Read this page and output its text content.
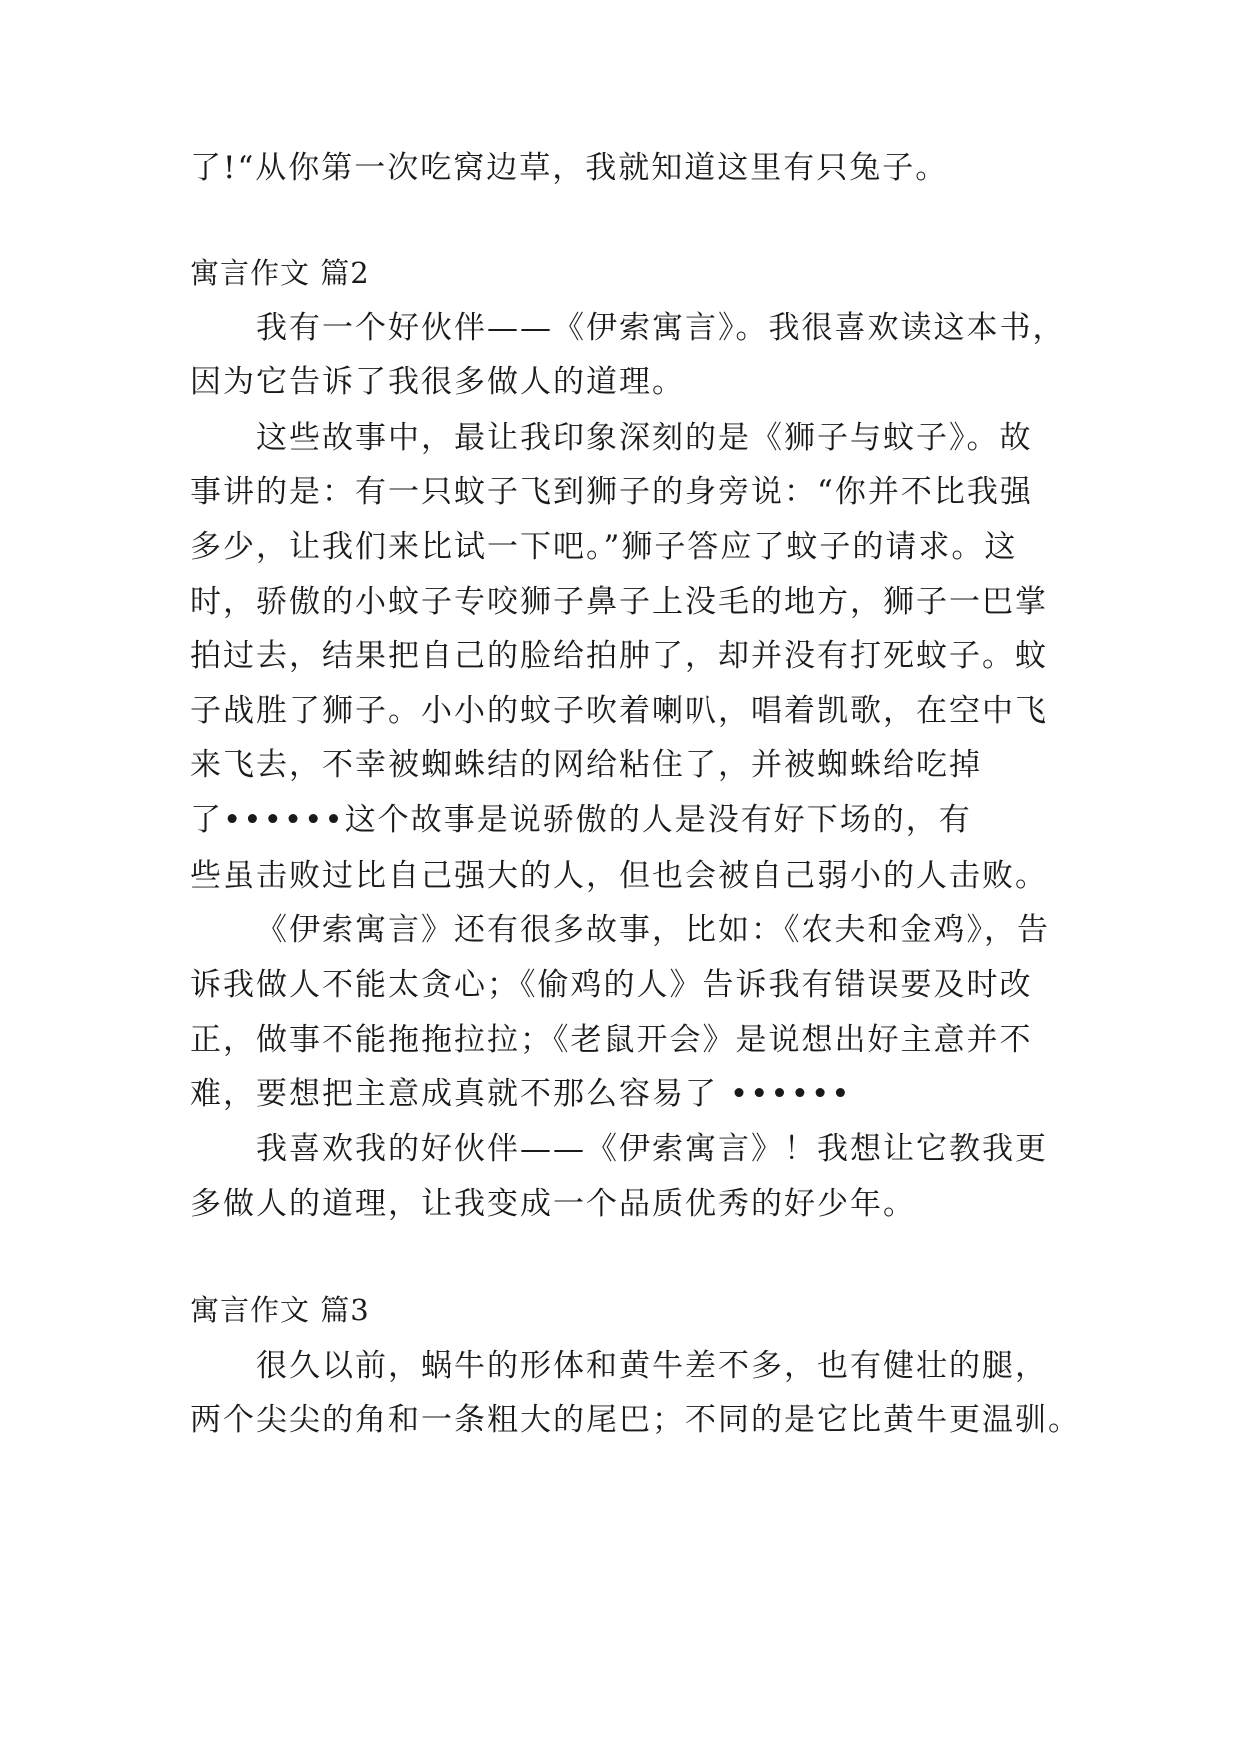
了!“从你第一次吃窝边草，我就知道这里有只兔子。
寓言作文 篇2
我有一个好伙伴——《伊索寓言》。我很喜欢读这本书，
因为它告诉了我很多做人的道理。
这些故事中，最让我印象深刻的是《狮子与蚊子》。故
事讲的是：有一只蚊子飞到狮子的身旁说：“你并不比我强
多少，让我们来比试一下吧。”狮子答应了蚊子的请求。这
时，骄傲的小蚊子专咬狮子鼻子上没毛的地方，狮子一巴掌
拍过去，结果把自己的脸给拍肿了，却并没有打死蚊子。蚊
子战胜了狮子。小小的蚊子吹着喇叭，唱着凯歌，在空中飞
来飞去，不幸被蜘蛛结的网给粘住了，并被蜘蛛给吃掉
了••••••这个故事是说骄傲的人是没有好下场的，有
些虽击败过比自己强大的人，但也会被自己弱小的人击败。
《伊索寓言》还有很多故事，比如：《农夫和金鸡》，告
诉我做人不能太贪心；《偷鸡的人》告诉我有错误要及时改
正，做事不能拖拖拉拉；《老鼠开会》是说想出好主意并不
难，要想把主意成真就不那么容易了 ••••••
我喜欢我的好伙伴——《伊索寓言》！我想让它教我更
多做人的道理，让我变成一个品质优秀的好少年。
寓言作文 篇3
很久以前，蜗牛的形体和黄牛差不多，也有健壮的腿，
两个尖尖的角和一条粗大的尾巴；不同的是它比黄牛更温驯。
